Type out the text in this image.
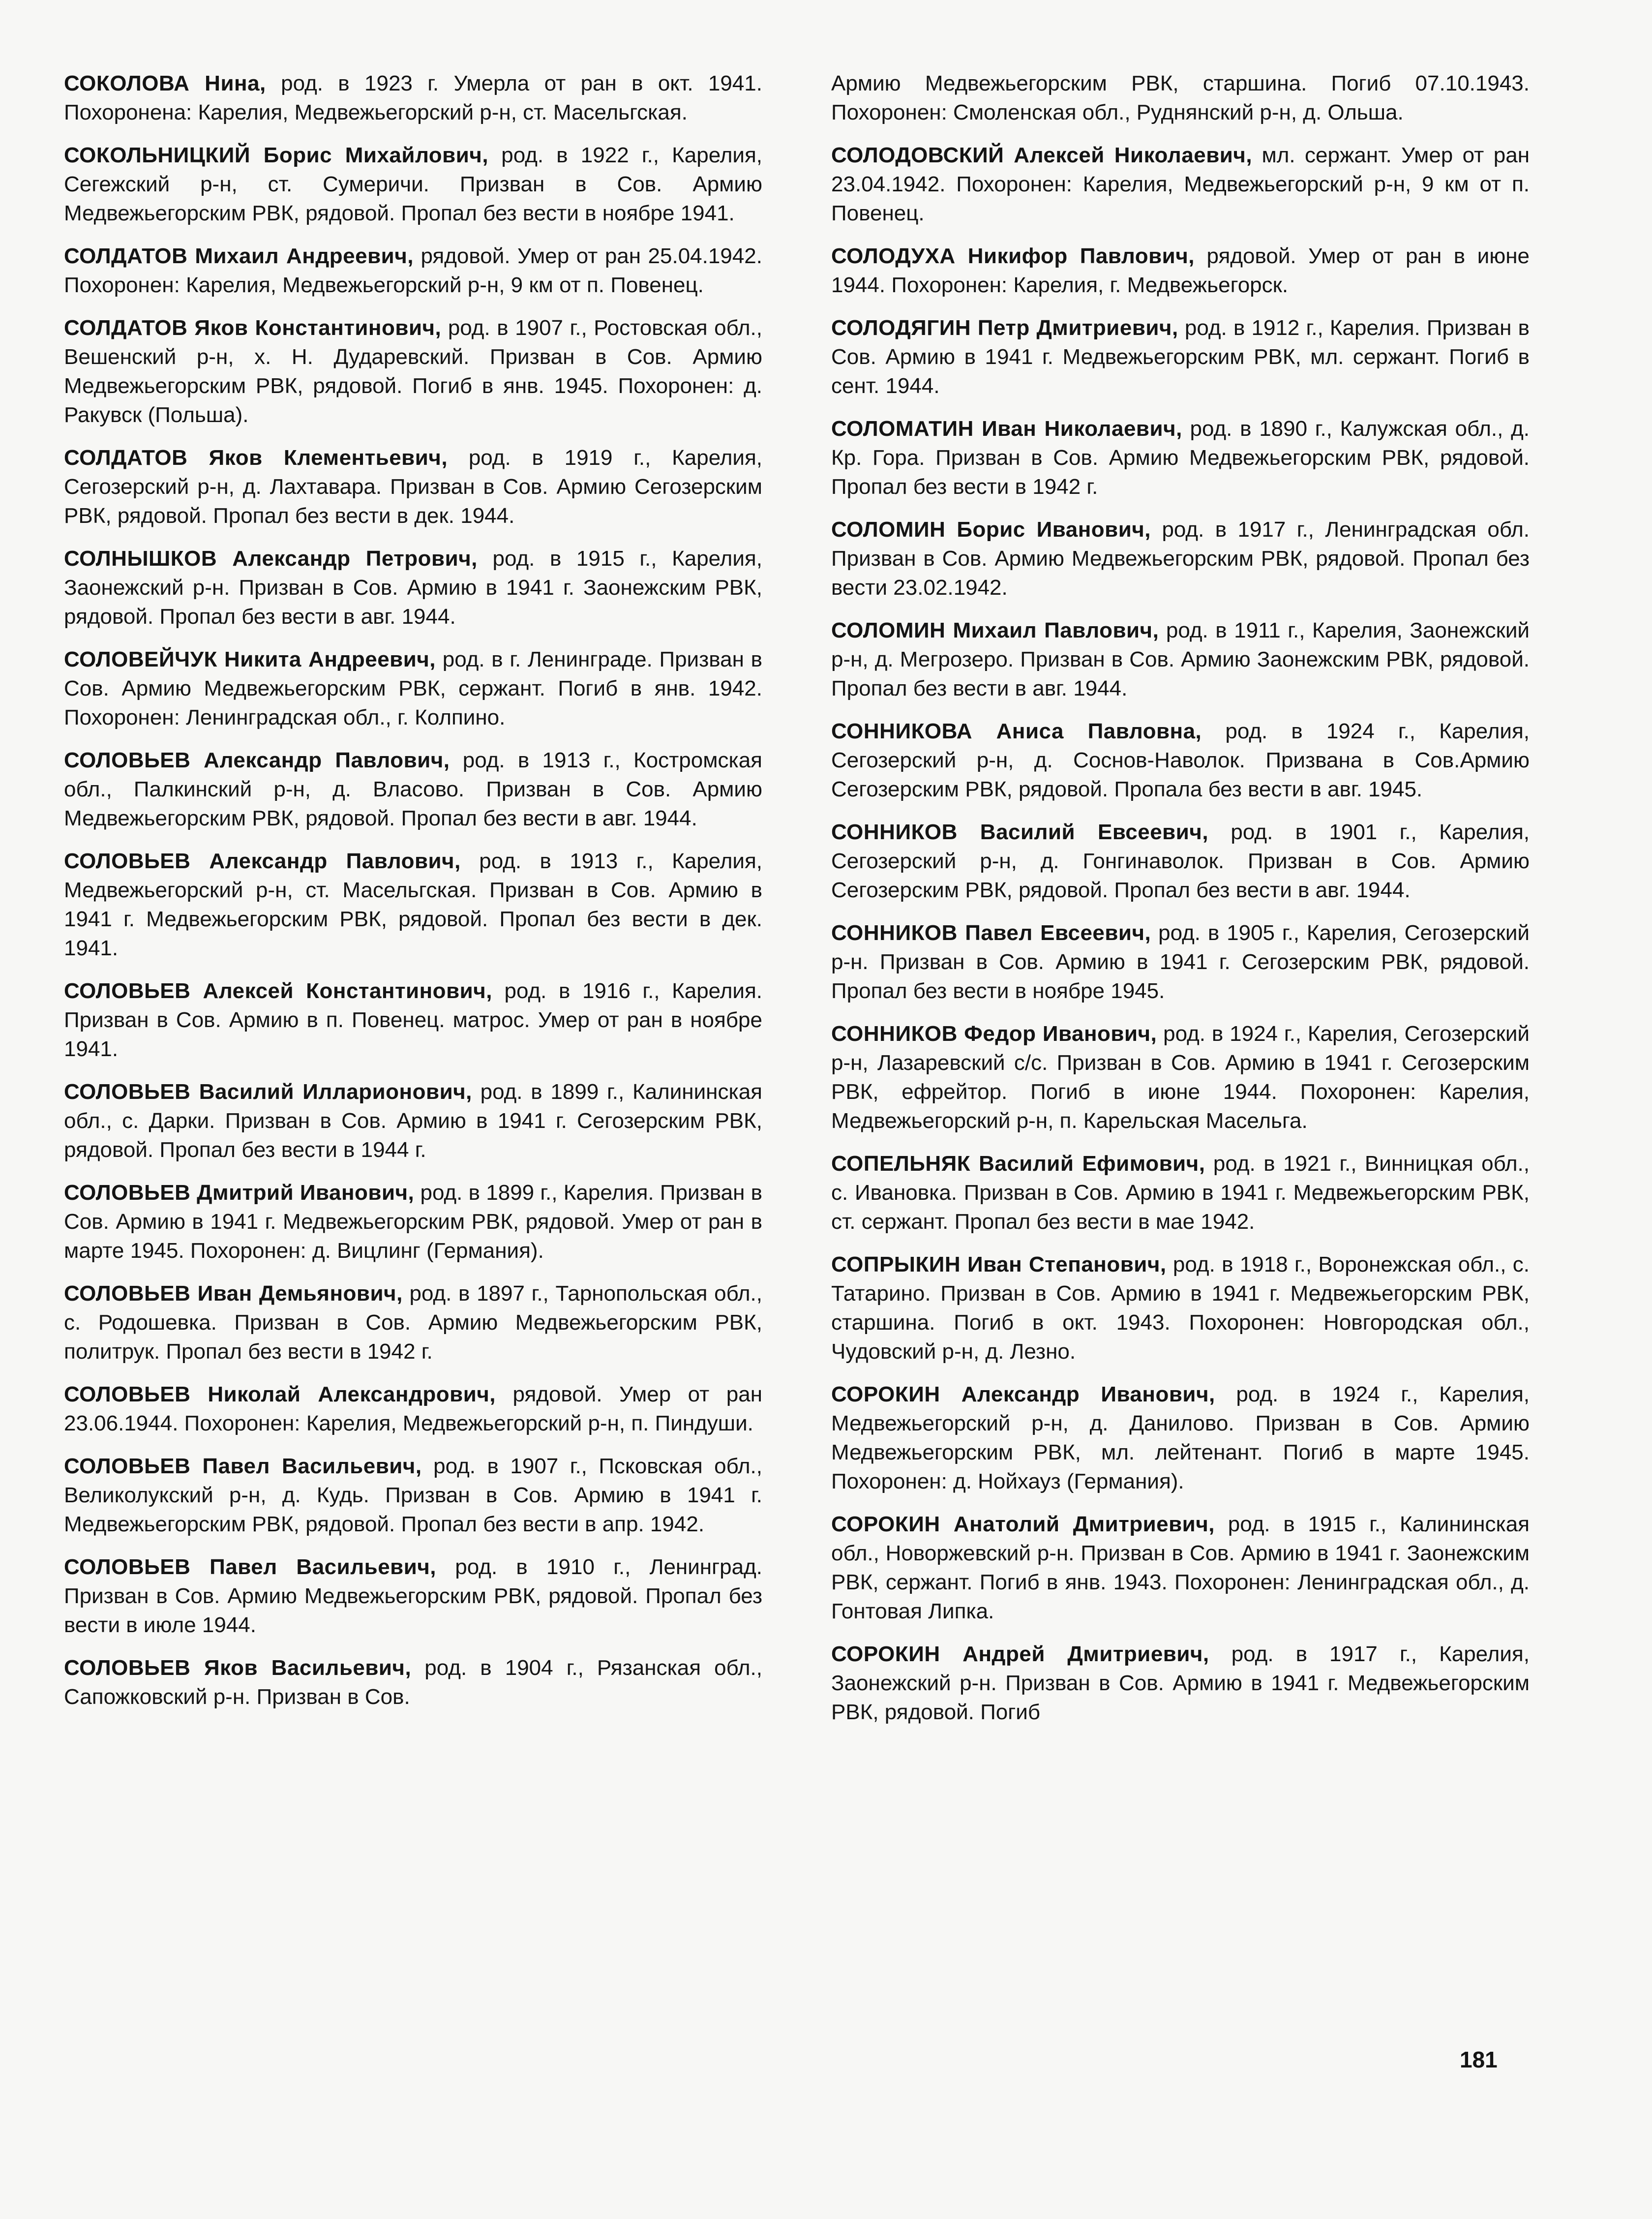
СОКОЛОВА Нина, род. в 1923 г. Умерла от ран в окт. 1941. Похоронена: Карелия, Медвежьегорский р-н, ст. Масельгская.

СОКОЛЬНИЦКИЙ Борис Михайлович, род. в 1922 г., Карелия, Сегежский р-н, ст. Сумеричи. Призван в Сов. Армию Медвежьегорским РВК, рядовой. Пропал без вести в ноябре 1941.

СОЛДАТОВ Михаил Андреевич, рядовой. Умер от ран 25.04.1942. Похоронен: Карелия, Медвежьегорский р-н, 9 км от п. Повенец.

СОЛДАТОВ Яков Константинович, род. в 1907 г., Ростовская обл., Вешенский р-н, х. Н. Дударевский. Призван в Сов. Армию Медвежьегорским РВК, рядовой. Погиб в янв. 1945. Похоронен: д. Ракувск (Польша).

СОЛДАТОВ Яков Клементьевич, род. в 1919 г., Карелия, Сегозерский р-н, д. Лахтавара. Призван в Сов. Армию Сегозерским РВК, рядовой. Пропал без вести в дек. 1944.

СОЛНЫШКОВ Александр Петрович, род. в 1915 г., Карелия, Заонежский р-н. Призван в Сов. Армию в 1941 г. Заонежским РВК, рядовой. Пропал без вести в авг. 1944.

СОЛОВЕЙЧУК Никита Андреевич, род. в г. Ленинграде. Призван в Сов. Армию Медвежьегорским РВК, сержант. Погиб в янв. 1942. Похоронен: Ленинградская обл., г. Колпино.

СОЛОВЬЕВ Александр Павлович, род. в 1913 г., Костромская обл., Палкинский р-н, д. Власово. Призван в Сов. Армию Медвежьегорским РВК, рядовой. Пропал без вести в авг. 1944.

СОЛОВЬЕВ Александр Павлович, род. в 1913 г., Карелия, Медвежьегорский р-н, ст. Масельгская. Призван в Сов. Армию в 1941 г. Медвежьегорским РВК, рядовой. Пропал без вести в дек. 1941.

СОЛОВЬЕВ Алексей Константинович, род. в 1916 г., Карелия. Призван в Сов. Армию в п. Повенец. матрос. Умер от ран в ноябре 1941.

СОЛОВЬЕВ Василий Илларионович, род. в 1899 г., Калининская обл., с. Дарки. Призван в Сов. Армию в 1941 г. Сегозерским РВК, рядовой. Пропал без вести в 1944 г.

СОЛОВЬЕВ Дмитрий Иванович, род. в 1899 г., Карелия. Призван в Сов. Армию в 1941 г. Медвежьегорским РВК, рядовой. Умер от ран в марте 1945. Похоронен: д. Вицлинг (Германия).

СОЛОВЬЕВ Иван Демьянович, род. в 1897 г., Тарнопольская обл., с. Родошевка. Призван в Сов. Армию Медвежьегорским РВК, политрук. Пропал без вести в 1942 г.

СОЛОВЬЕВ Николай Александрович, рядовой. Умер от ран 23.06.1944. Похоронен: Карелия, Медвежьегорский р-н, п. Пиндуши.

СОЛОВЬЕВ Павел Васильевич, род. в 1907 г., Псковская обл., Великолукский р-н, д. Кудь. Призван в Сов. Армию в 1941 г. Медвежьегорским РВК, рядовой. Пропал без вести в апр. 1942.

СОЛОВЬЕВ Павел Васильевич, род. в 1910 г., Ленинград. Призван в Сов. Армию Медвежьегорским РВК, рядовой. Пропал без вести в июле 1944.

СОЛОВЬЕВ Яков Васильевич, род. в 1904 г., Рязанская обл., Сапожковский р-н. Призван в Сов.

Армию Медвежьегорским РВК, старшина. Погиб 07.10.1943. Похоронен: Смоленская обл., Руднянский р-н, д. Ольша.

СОЛОДОВСКИЙ Алексей Николаевич, мл. сержант. Умер от ран 23.04.1942. Похоронен: Карелия, Медвежьегорский р-н, 9 км от п. Повенец.

СОЛОДУХА Никифор Павлович, рядовой. Умер от ран в июне 1944. Похоронен: Карелия, г. Медвежьегорск.

СОЛОДЯГИН Петр Дмитриевич, род. в 1912 г., Карелия. Призван в Сов. Армию в 1941 г. Медвежьегорским РВК, мл. сержант. Погиб в сент. 1944.

СОЛОМАТИН Иван Николаевич, род. в 1890 г., Калужская обл., д. Кр. Гора. Призван в Сов. Армию Медвежьегорским РВК, рядовой. Пропал без вести в 1942 г.

СОЛОМИН Борис Иванович, род. в 1917 г., Ленинградская обл. Призван в Сов. Армию Медвежьегорским РВК, рядовой. Пропал без вести 23.02.1942.

СОЛОМИН Михаил Павлович, род. в 1911 г., Карелия, Заонежский р-н, д. Мегрозеро. Призван в Сов. Армию Заонежским РВК, рядовой. Пропал без вести в авг. 1944.

СОННИКОВА Аниса Павловна, род. в 1924 г., Карелия, Сегозерский р-н, д. Соснов-Наволок. Призвана в Сов.Армию Сегозерским РВК, рядовой. Пропала без вести в авг. 1945.

СОННИКОВ Василий Евсеевич, род. в 1901 г., Карелия, Сегозерский р-н, д. Гонгинаволок. Призван в Сов. Армию Сегозерским РВК, рядовой. Пропал без вести в авг. 1944.

СОННИКОВ Павел Евсеевич, род. в 1905 г., Карелия, Сегозерский р-н. Призван в Сов. Армию в 1941 г. Сегозерским РВК, рядовой. Пропал без вести в ноябре 1945.

СОННИКОВ Федор Иванович, род. в 1924 г., Карелия, Сегозерский р-н, Лазаревский с/с. Призван в Сов. Армию в 1941 г. Сегозерским РВК, ефрейтор. Погиб в июне 1944. Похоронен: Карелия, Медвежьегорский р-н, п. Карельская Масельга.

СОПЕЛЬНЯК Василий Ефимович, род. в 1921 г., Винницкая обл., с. Ивановка. Призван в Сов. Армию в 1941 г. Медвежьегорским РВК, ст. сержант. Пропал без вести в мае 1942.

СОПРЫКИН Иван Степанович, род. в 1918 г., Воронежская обл., с. Татарино. Призван в Сов. Армию в 1941 г. Медвежьегорским РВК, старшина. Погиб в окт. 1943. Похоронен: Новгородская обл., Чудовский р-н, д. Лезно.

СОРОКИН Александр Иванович, род. в 1924 г., Карелия, Медвежьегорский р-н, д. Данилово. Призван в Сов. Армию Медвежьегорским РВК, мл. лейтенант. Погиб в марте 1945. Похоронен: д. Нойхауз (Германия).

СОРОКИН Анатолий Дмитриевич, род. в 1915 г., Калининская обл., Новоржевский р-н. Призван в Сов. Армию в 1941 г. Заонежским РВК, сержант. Погиб в янв. 1943. Похоронен: Ленинградская обл., д. Гонтовая Липка.

СОРОКИН Андрей Дмитриевич, род. в 1917 г., Карелия, Заонежский р-н. Призван в Сов. Армию в 1941 г. Медвежьегорским РВК, рядовой. Погиб

181
